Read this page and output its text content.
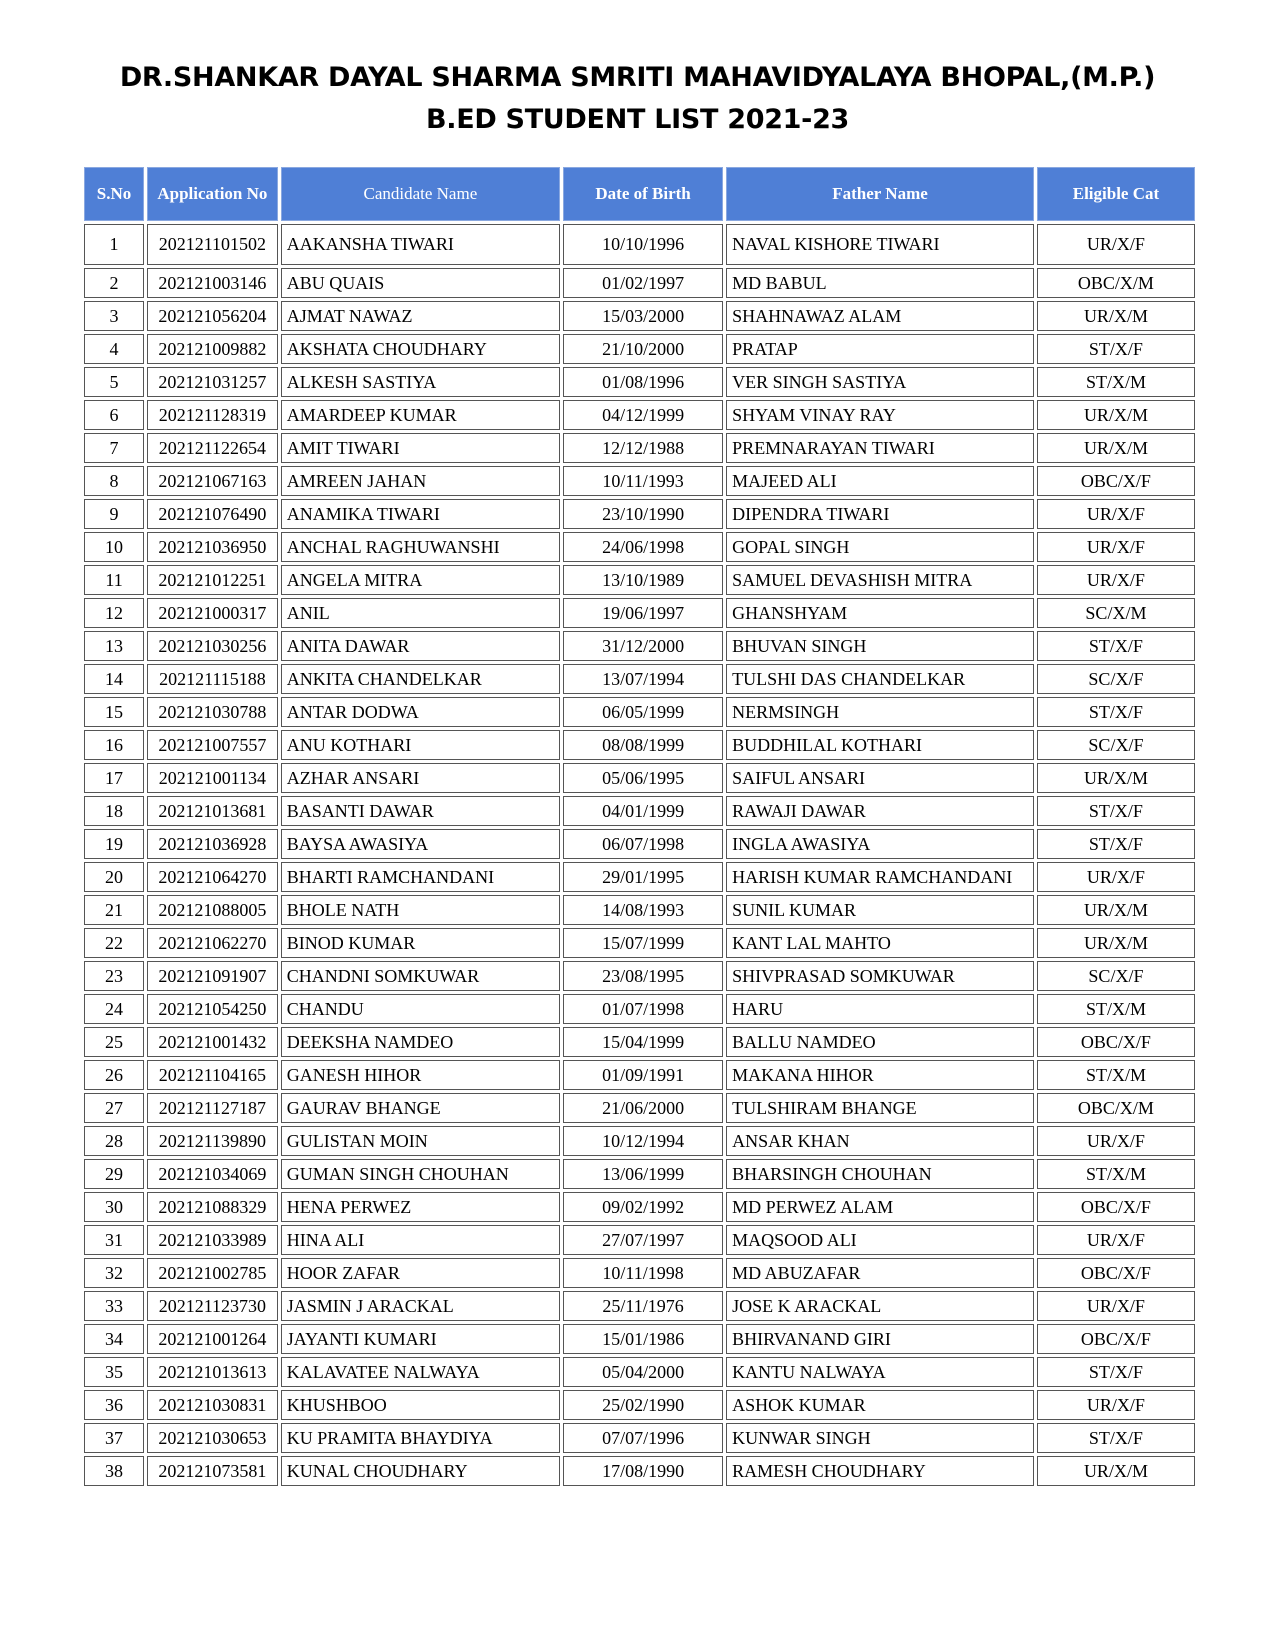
DR.SHANKAR DAYAL SHARMA SMRITI MAHAVIDYALAYA BHOPAL,(M.P.)
B.ED STUDENT LIST 2021-23
S.No	Application No	Candidate Name	Date of Birth	Father Name	Eligible Cat
1	202121101502	AAKANSHA TIWARI	10/10/1996	NAVAL KISHORE TIWARI	UR/X/F
2	202121003146	ABU QUAIS	01/02/1997	MD BABUL	OBC/X/M
3	202121056204	AJMAT NAWAZ	15/03/2000	SHAHNAWAZ ALAM	UR/X/M
4	202121009882	AKSHATA CHOUDHARY	21/10/2000	PRATAP	ST/X/F
5	202121031257	ALKESH SASTIYA	01/08/1996	VER SINGH SASTIYA	ST/X/M
6	202121128319	AMARDEEP KUMAR	04/12/1999	SHYAM VINAY RAY	UR/X/M
7	202121122654	AMIT TIWARI	12/12/1988	PREMNARAYAN TIWARI	UR/X/M
8	202121067163	AMREEN JAHAN	10/11/1993	MAJEED ALI	OBC/X/F
9	202121076490	ANAMIKA TIWARI	23/10/1990	DIPENDRA TIWARI	UR/X/F
10	202121036950	ANCHAL RAGHUWANSHI	24/06/1998	GOPAL SINGH	UR/X/F
11	202121012251	ANGELA MITRA	13/10/1989	SAMUEL DEVASHISH MITRA	UR/X/F
12	202121000317	ANIL	19/06/1997	GHANSHYAM	SC/X/M
13	202121030256	ANITA DAWAR	31/12/2000	BHUVAN SINGH	ST/X/F
14	202121115188	ANKITA CHANDELKAR	13/07/1994	TULSHI DAS CHANDELKAR	SC/X/F
15	202121030788	ANTAR DODWA	06/05/1999	NERMSINGH	ST/X/F
16	202121007557	ANU KOTHARI	08/08/1999	BUDDHILAL KOTHARI	SC/X/F
17	202121001134	AZHAR ANSARI	05/06/1995	SAIFUL ANSARI	UR/X/M
18	202121013681	BASANTI DAWAR	04/01/1999	RAWAJI DAWAR	ST/X/F
19	202121036928	BAYSA AWASIYA	06/07/1998	INGLA AWASIYA	ST/X/F
20	202121064270	BHARTI RAMCHANDANI	29/01/1995	HARISH KUMAR RAMCHANDANI	UR/X/F
21	202121088005	BHOLE NATH	14/08/1993	SUNIL KUMAR	UR/X/M
22	202121062270	BINOD KUMAR	15/07/1999	KANT LAL MAHTO	UR/X/M
23	202121091907	CHANDNI SOMKUWAR	23/08/1995	SHIVPRASAD SOMKUWAR	SC/X/F
24	202121054250	CHANDU	01/07/1998	HARU	ST/X/M
25	202121001432	DEEKSHA NAMDEO	15/04/1999	BALLU NAMDEO	OBC/X/F
26	202121104165	GANESH HIHOR	01/09/1991	MAKANA HIHOR	ST/X/M
27	202121127187	GAURAV BHANGE	21/06/2000	TULSHIRAM BHANGE	OBC/X/M
28	202121139890	GULISTAN MOIN	10/12/1994	ANSAR KHAN	UR/X/F
29	202121034069	GUMAN SINGH CHOUHAN	13/06/1999	BHARSINGH CHOUHAN	ST/X/M
30	202121088329	HENA PERWEZ	09/02/1992	MD PERWEZ ALAM	OBC/X/F
31	202121033989	HINA ALI	27/07/1997	MAQSOOD ALI	UR/X/F
32	202121002785	HOOR ZAFAR	10/11/1998	MD ABUZAFAR	OBC/X/F
33	202121123730	JASMIN J ARACKAL	25/11/1976	JOSE K ARACKAL	UR/X/F
34	202121001264	JAYANTI KUMARI	15/01/1986	BHIRVANAND GIRI	OBC/X/F
35	202121013613	KALAVATEE NALWAYA	05/04/2000	KANTU NALWAYA	ST/X/F
36	202121030831	KHUSHBOO	25/02/1990	ASHOK KUMAR	UR/X/F
37	202121030653	KU PRAMITA BHAYDIYA	07/07/1996	KUNWAR SINGH	ST/X/F
38	202121073581	KUNAL CHOUDHARY	17/08/1990	RAMESH CHOUDHARY	UR/X/M
